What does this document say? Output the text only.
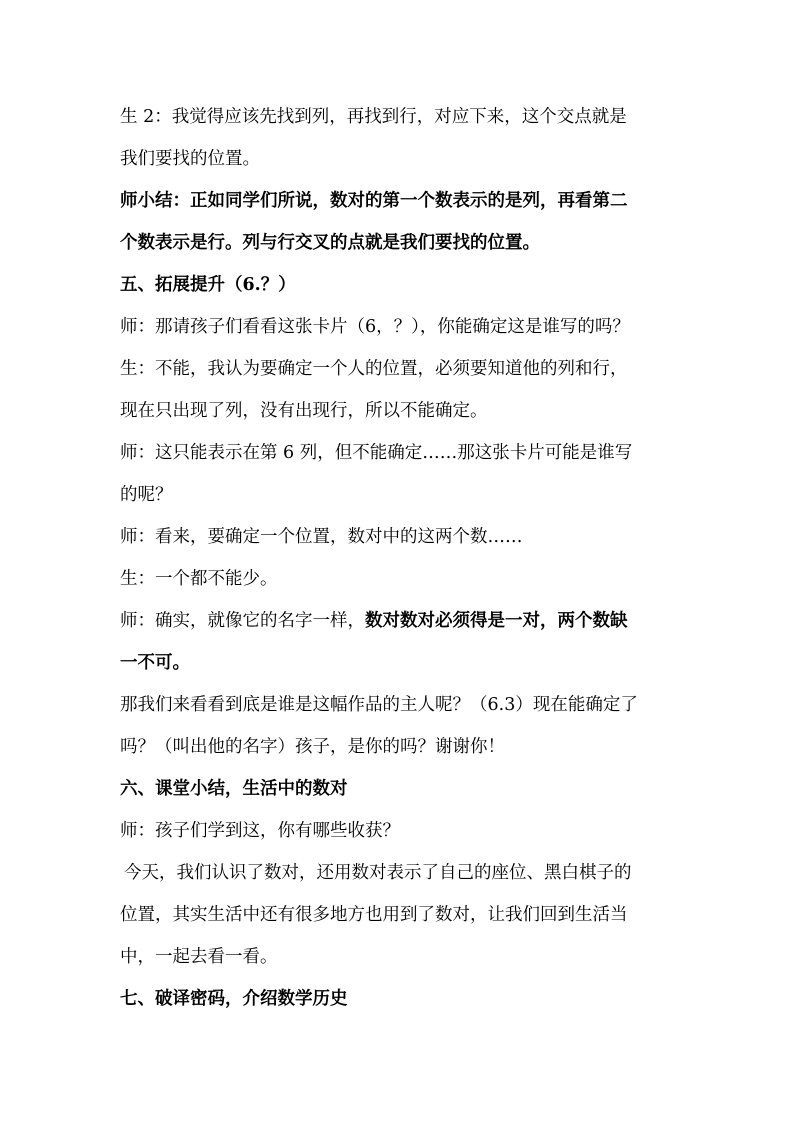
生 2：我觉得应该先找到列，再找到行，对应下来，这个交点就是
我们要找的位置。
师小结：正如同学们所说，数对的第一个数表示的是列，再看第二
个数表示是行。列与行交叉的点就是我们要找的位置。
五、拓展提升（6.？）
师：那请孩子们看看这张卡片（6，？），你能确定这是谁写的吗？
生：不能，我认为要确定一个人的位置，必须要知道他的列和行，
现在只出现了列，没有出现行，所以不能确定。
师：这只能表示在第 6 列，但不能确定……那这张卡片可能是谁写
的呢？
师：看来，要确定一个位置，数对中的这两个数……
生：一个都不能少。
师：确实，就像它的名字一样，数对数对必须得是一对，两个数缺
一不可。
那我们来看看到底是谁是这幅作品的主人呢？（6.3）现在能确定了
吗？（叫出他的名字）孩子，是你的吗？谢谢你！
六、课堂小结，生活中的数对
师：孩子们学到这，你有哪些收获？
今天，我们认识了数对，还用数对表示了自己的座位、黑白棋子的
位置，其实生活中还有很多地方也用到了数对，让我们回到生活当
中，一起去看一看。
七、破译密码，介绍数学历史
